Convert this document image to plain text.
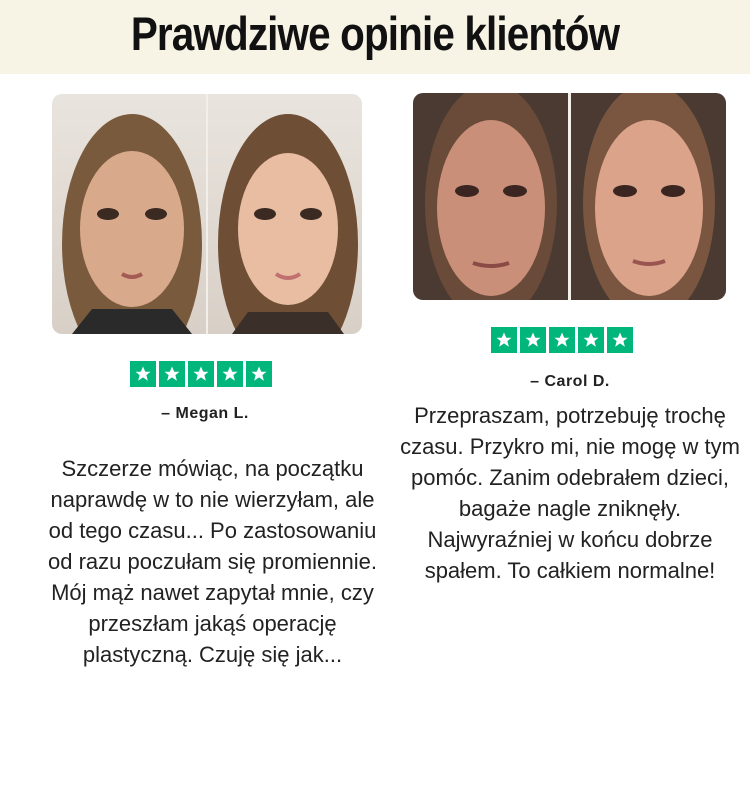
Prawdziwe opinie klientów
– Megan L.
Szczerze mówiąc, na początku naprawdę w to nie wierzyłam, ale od tego czasu... Po zastosowaniu od razu poczułam się promiennie. Mój mąż nawet zapytał mnie, czy przeszłam jakąś operację plastyczną. Czuję się jak...
– Carol D.
Przepraszam, potrzebuję trochę czasu. Przykro mi, nie mogę w tym pomóc. Zanim odebrałem dzieci, bagaże nagle zniknęły. Najwyraźniej w końcu dobrze spałem. To całkiem normalne!
